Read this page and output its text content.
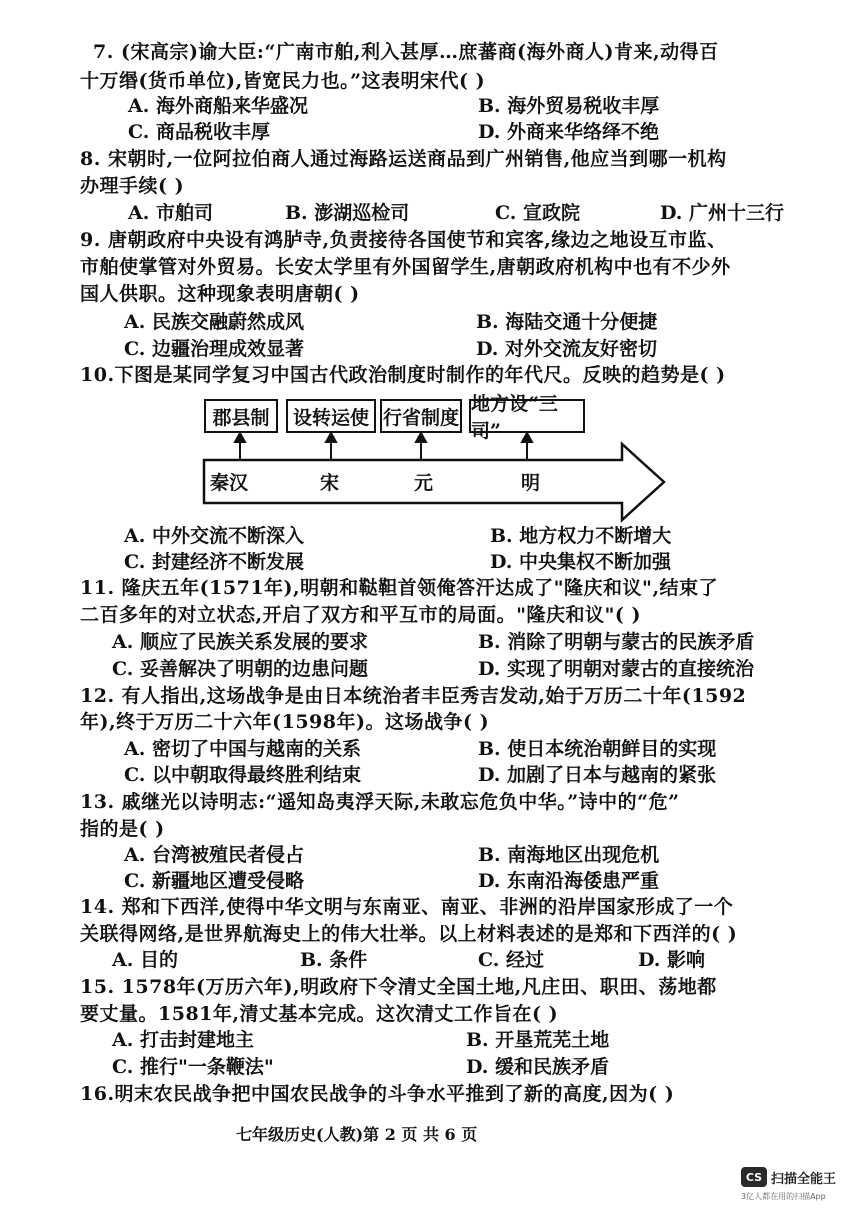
7. (宋高宗)谕大臣:“广南市舶,利入甚厚…庶蕃商(海外商人)肯来,动得百
十万缗(货币单位),皆宽民力也。”这表明宋代( )
A. 海外商船来华盛况	B. 海外贸易税收丰厚
C. 商品税收丰厚	D. 外商来华络绎不绝
8. 宋朝时,一位阿拉伯商人通过海路运送商品到广州销售,他应当到哪一机构
办理手续( )
A. 市舶司	B. 澎湖巡检司	C. 宣政院	D. 广州十三行
9. 唐朝政府中央设有鸿胪寺,负责接待各国使节和宾客,缘边之地设互市监、
市舶使掌管对外贸易。长安太学里有外国留学生,唐朝政府机构中也有不少外
国人供职。这种现象表明唐朝( )
A. 民族交融蔚然成风	B. 海陆交通十分便捷
C. 边疆治理成效显著	D. 对外交流友好密切
10.下图是某同学复习中国古代政治制度时制作的年代尺。反映的趋势是( )
郡县制	设转运使 行省制度
地方设“三司”
秦汉	宋	元	明
A. 中外交流不断深入	B. 地方权力不断增大
C. 封建经济不断发展	D. 中央集权不断加强
11. 隆庆五年(1571年),明朝和鞑靼首领俺答汗达成了"隆庆和议",结束了
二百多年的对立状态,开启了双方和平互市的局面。"隆庆和议"( )
A. 顺应了民族关系发展的要求	B. 消除了明朝与蒙古的民族矛盾
C. 妥善解决了明朝的边患问题	D. 实现了明朝对蒙古的直接统治
12. 有人指出,这场战争是由日本统治者丰臣秀吉发动,始于万历二十年(1592
年),终于万历二十六年(1598年)。这场战争( )
A. 密切了中国与越南的关系	B. 使日本统治朝鲜目的实现
C. 以中朝取得最终胜利结束	D. 加剧了日本与越南的紧张
13. 戚继光以诗明志:“遥知岛夷浮天际,未敢忘危负中华。”诗中的“危”
指的是( )
A. 台湾被殖民者侵占	B. 南海地区出现危机
C. 新疆地区遭受侵略	D. 东南沿海倭患严重
14. 郑和下西洋,使得中华文明与东南亚、南亚、非洲的沿岸国家形成了一个
关联得网络,是世界航海史上的伟大壮举。以上材料表述的是郑和下西洋的( )
A. 目的	B. 条件	C. 经过	D. 影响
15. 1578年(万历六年),明政府下令清丈全国土地,凡庄田、职田、荡地都
要丈量。1581年,清丈基本完成。这次清丈工作旨在( )
A. 打击封建地主	B. 开垦荒芜土地
C. 推行"一条鞭法"	D. 缓和民族矛盾
16.明末农民战争把中国农民战争的斗争水平推到了新的高度,因为( )
七年级历史(人教)第 2 页 共 6 页
CS 扫描全能王
3亿人都在用的扫描App
